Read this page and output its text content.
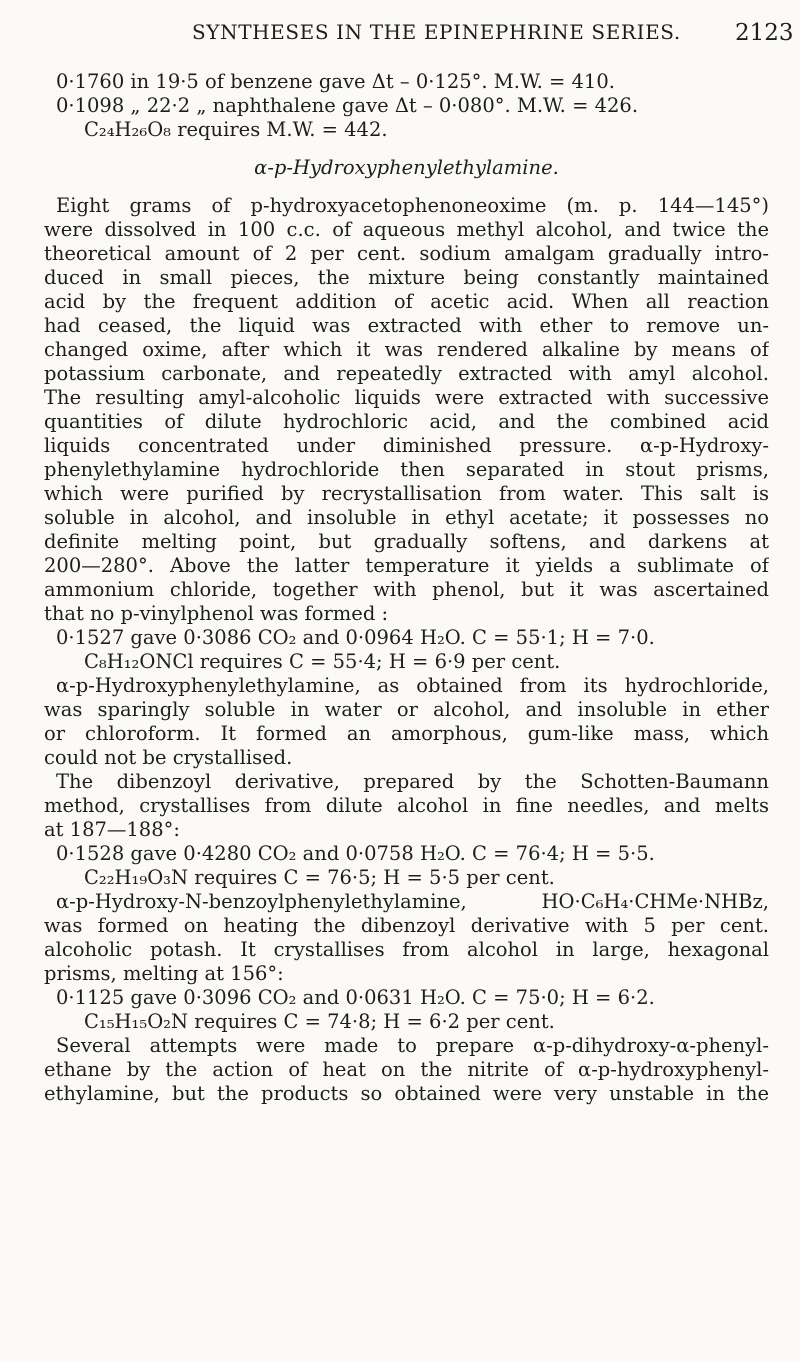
SYNTHESES IN THE EPINEPHRINE SERIES. 2123
0·1760 in 19·5 of benzene gave Δt – 0·125°. M.W. = 410.
0·1098 „ 22·2 „ naphthalene gave Δt – 0·080°. M.W. = 426.
C₂₄H₂₆O₈ requires M.W. = 442.
α-p-Hydroxyphenylethylamine.
Eight grams of p-hydroxyacetophenoneoxime (m. p. 144—145°)
were dissolved in 100 c.c. of aqueous methyl alcohol, and twice the
theoretical amount of 2 per cent. sodium amalgam gradually intro-
duced in small pieces, the mixture being constantly maintained
acid by the frequent addition of acetic acid. When all reaction
had ceased, the liquid was extracted with ether to remove un-
changed oxime, after which it was rendered alkaline by means of
potassium carbonate, and repeatedly extracted with amyl alcohol.
The resulting amyl-alcoholic liquids were extracted with successive
quantities of dilute hydrochloric acid, and the combined acid
liquids concentrated under diminished pressure. α-p-Hydroxy-
phenylethylamine hydrochloride then separated in stout prisms,
which were purified by recrystallisation from water. This salt is
soluble in alcohol, and insoluble in ethyl acetate; it possesses no
definite melting point, but gradually softens, and darkens at
200—280°. Above the latter temperature it yields a sublimate of
ammonium chloride, together with phenol, but it was ascertained
that no p-vinylphenol was formed :
0·1527 gave 0·3086 CO₂ and 0·0964 H₂O. C = 55·1; H = 7·0.
C₈H₁₂ONCl requires C = 55·4; H = 6·9 per cent.
α-p-Hydroxyphenylethylamine, as obtained from its hydrochloride,
was sparingly soluble in water or alcohol, and insoluble in ether
or chloroform. It formed an amorphous, gum-like mass, which
could not be crystallised.
The dibenzoyl derivative, prepared by the Schotten-Baumann
method, crystallises from dilute alcohol in fine needles, and melts
at 187—188°:
0·1528 gave 0·4280 CO₂ and 0·0758 H₂O. C = 76·4; H = 5·5.
C₂₂H₁₉O₃N requires C = 76·5; H = 5·5 per cent.
α-p-Hydroxy-N-benzoylphenylethylamine, HO·C₆H₄·CHMe·NHBz,
was formed on heating the dibenzoyl derivative with 5 per cent.
alcoholic potash. It crystallises from alcohol in large, hexagonal
prisms, melting at 156°:
0·1125 gave 0·3096 CO₂ and 0·0631 H₂O. C = 75·0; H = 6·2.
C₁₅H₁₅O₂N requires C = 74·8; H = 6·2 per cent.
Several attempts were made to prepare α-p-dihydroxy-α-phenyl-
ethane by the action of heat on the nitrite of α-p-hydroxyphenyl-
ethylamine, but the products so obtained were very unstable in the
